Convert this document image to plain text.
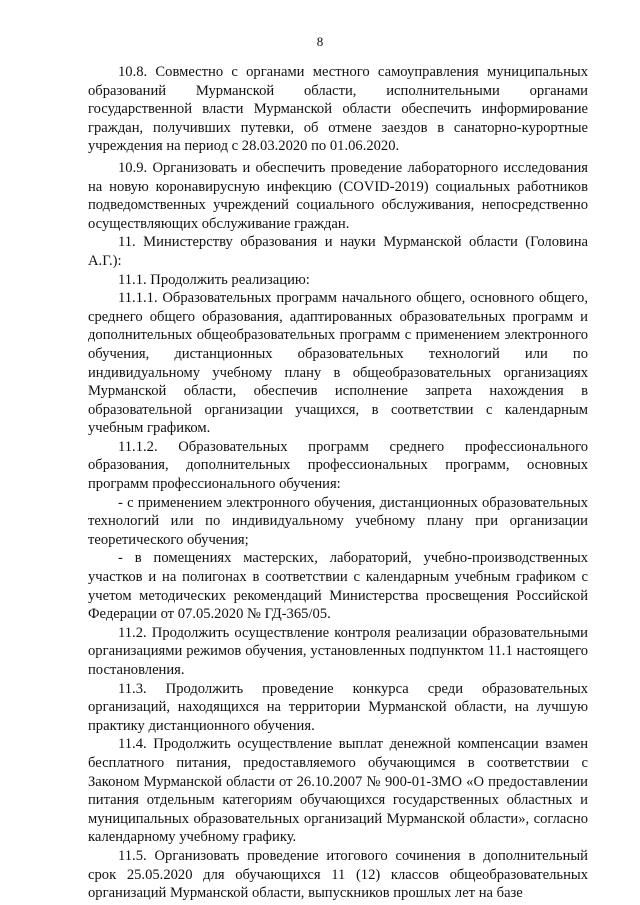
8

10.8. Совместно с органами местного самоуправления муниципальных образований Мурманской области, исполнительными органами государственной власти Мурманской области обеспечить информирование граждан, получивших путевки, об отмене заездов в санаторно-курортные учреждения на период с 28.03.2020 по 01.06.2020.

10.9. Организовать и обеспечить проведение лабораторного исследования на новую коронавирусную инфекцию (COVID-2019) социальных работников подведомственных учреждений социального обслуживания, непосредственно осуществляющих обслуживание граждан.

11. Министерству образования и науки Мурманской области (Головина А.Г.):

11.1. Продолжить реализацию:

11.1.1. Образовательных программ начального общего, основного общего, среднего общего образования, адаптированных образовательных программ и дополнительных общеобразовательных программ с применением электронного обучения, дистанционных образовательных технологий или по индивидуальному учебному плану в общеобразовательных организациях Мурманской области, обеспечив исполнение запрета нахождения в образовательной организации учащихся, в соответствии с календарным учебным графиком.

11.1.2. Образовательных программ среднего профессионального образования, дополнительных профессиональных программ, основных программ профессионального обучения:

- с применением электронного обучения, дистанционных образовательных технологий или по индивидуальному учебному плану при организации теоретического обучения;

- в помещениях мастерских, лабораторий, учебно-производственных участков и на полигонах в соответствии с календарным учебным графиком с учетом методических рекомендаций Министерства просвещения Российской Федерации от 07.05.2020 № ГД-365/05.

11.2. Продолжить осуществление контроля реализации образовательными организациями режимов обучения, установленных подпунктом 11.1 настоящего постановления.

11.3. Продолжить проведение конкурса среди образовательных организаций, находящихся на территории Мурманской области, на лучшую практику дистанционного обучения.

11.4. Продолжить осуществление выплат денежной компенсации взамен бесплатного питания, предоставляемого обучающимся в соответствии с Законом Мурманской области от 26.10.2007 № 900-01-ЗМО «О предоставлении питания отдельным категориям обучающихся государственных областных и муниципальных образовательных организаций Мурманской области», согласно календарному учебному графику.

11.5. Организовать проведение итогового сочинения в дополнительный срок 25.05.2020 для обучающихся 11 (12) классов общеобразовательных организаций Мурманской области, выпускников прошлых лет на базе
